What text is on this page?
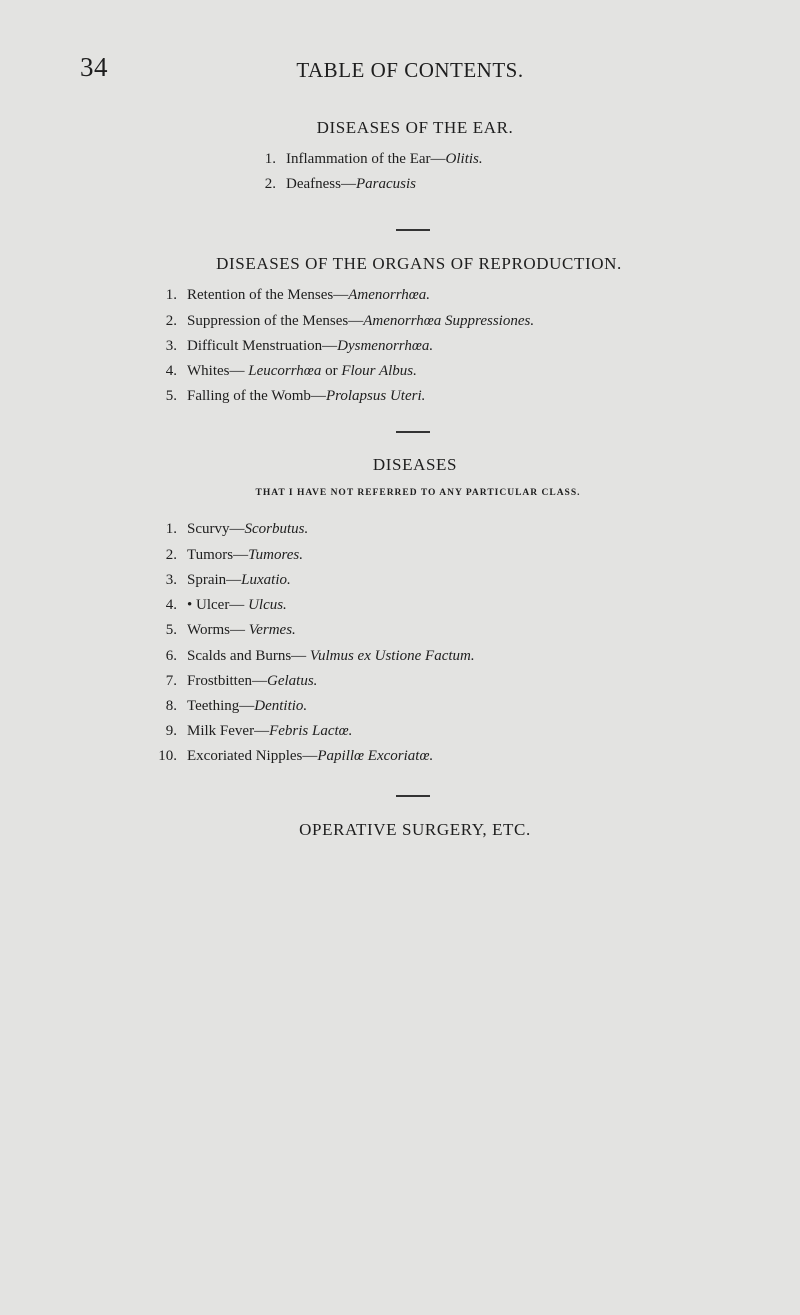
34	TABLE OF CONTENTS.
DISEASES OF THE EAR.
1. Inflammation of the Ear—Olitis.
2. Deafness—Paracusis
DISEASES OF THE ORGANS OF REPRODUCTION.
1. Retention of the Menses—Amenorrhœa.
2. Suppression of the Menses—Amenorrhœa Suppressiones.
3. Difficult Menstruation—Dysmenorrhœa.
4. Whites— Leucorrhœa or Flour Albus.
5. Falling of the Womb—Prolapsus Uteri.
DISEASES
THAT I HAVE NOT REFERRED TO ANY PARTICULAR CLASS.
1. Scurvy—Scorbutus.
2. Tumors—Tumores.
3. Sprain—Luxatio.
4. • Ulcer— Ulcus.
5. Worms— Vermes.
6. Scalds and Burns— Vulmus ex Ustione Factum.
7. Frostbitten—Gelatus.
8. Teething—Dentitio.
9. Milk Fever—Febris Lactœ.
10. Excoriated Nipples—Papillœ Excoriatœ.
OPERATIVE SURGERY, ETC.
